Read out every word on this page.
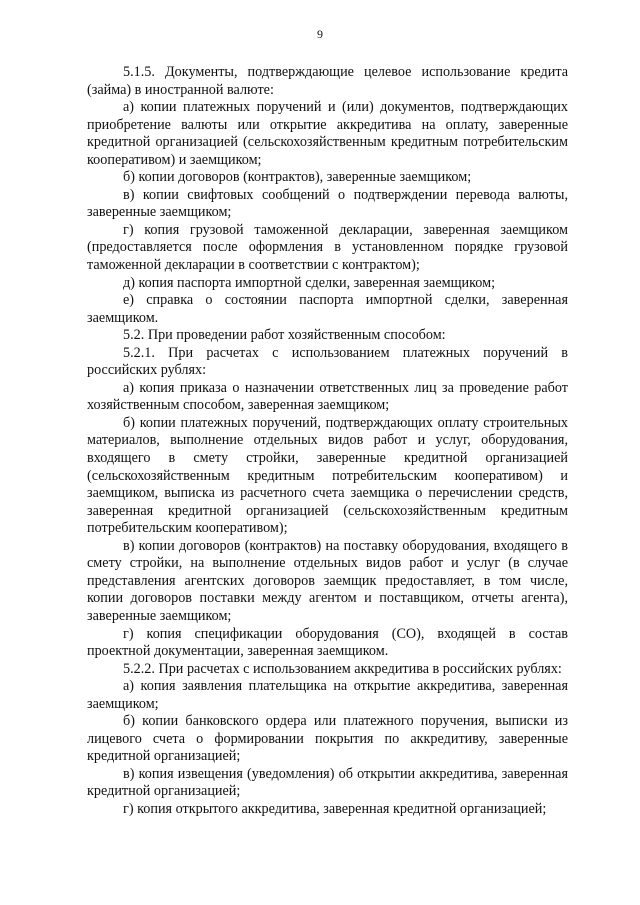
9

5.1.5. Документы, подтверждающие целевое использование кредита (займа) в иностранной валюте:

а) копии платежных поручений и (или) документов, подтверждающих приобретение валюты или открытие аккредитива на оплату, заверенные кредитной организацией (сельскохозяйственным кредитным потребительским кооперативом) и заемщиком;

б) копии договоров (контрактов), заверенные заемщиком;

в) копии свифтовых сообщений о подтверждении перевода валюты, заверенные заемщиком;

г) копия грузовой таможенной декларации, заверенная заемщиком (предоставляется после оформления в установленном порядке грузовой таможенной декларации в соответствии с контрактом);

д) копия паспорта импортной сделки, заверенная заемщиком;

е) справка о состоянии паспорта импортной сделки, заверенная заемщиком.

5.2. При проведении работ хозяйственным способом:

5.2.1. При расчетах с использованием платежных поручений в российских рублях:

а) копия приказа о назначении ответственных лиц за проведение работ хозяйственным способом, заверенная заемщиком;

б) копии платежных поручений, подтверждающих оплату строительных материалов, выполнение отдельных видов работ и услуг, оборудования, входящего в смету стройки, заверенные кредитной организацией (сельскохозяйственным кредитным потребительским кооперативом) и заемщиком, выписка из расчетного счета заемщика о перечислении средств, заверенная кредитной организацией (сельскохозяйственным кредитным потребительским кооперативом);

в) копии договоров (контрактов) на поставку оборудования, входящего в смету стройки, на выполнение отдельных видов работ и услуг (в случае представления агентских договоров заемщик предоставляет, в том числе, копии договоров поставки между агентом и поставщиком, отчеты агента), заверенные заемщиком;

г) копия спецификации оборудования (СО), входящей в состав проектной документации, заверенная заемщиком.

5.2.2. При расчетах с использованием аккредитива в российских рублях:

а) копия заявления плательщика на открытие аккредитива, заверенная заемщиком;

б) копии банковского ордера или платежного поручения, выписки из лицевого счета о формировании покрытия по аккредитиву, заверенные кредитной организацией;

в) копия извещения (уведомления) об открытии аккредитива, заверенная кредитной организацией;

г) копия открытого аккредитива, заверенная кредитной организацией;
